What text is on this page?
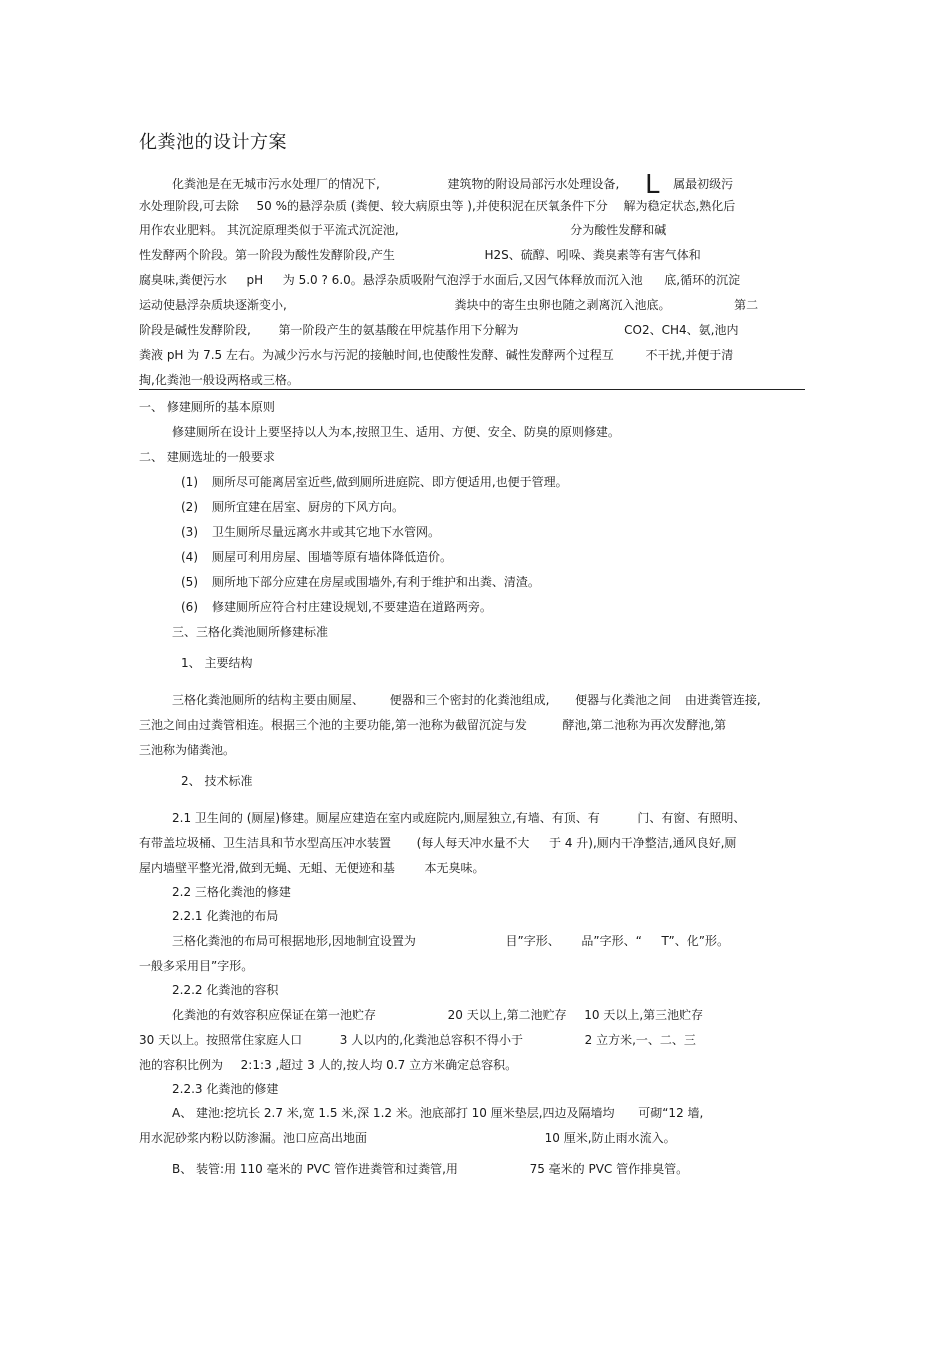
化粪池的设计方案
化粪池是在无城市污水处理厂的情况下,	建筑物的附设局部污水处理设备, L 属最初级污
水处理阶段,可去除 50 %的悬浮杂质 (粪便、较大病原虫等 ),并使积泥在厌氧条件下分 解为稳定状态,熟化后
用作农业肥料。 其沉淀原理类似于平流式沉淀池,	分为酸性发酵和碱
性发酵两个阶段。第一阶段为酸性发酵阶段,产生	H2S、硫醇、吲哚、粪臭素等有害气体和
腐臭味,粪便污水 pH 为 5.0 ? 6.0。悬浮杂质吸附气泡浮于水面后,又因气体释放而沉入池 底,循环的沉淀
运动使悬浮杂质块逐渐变小,	粪块中的寄生虫卵也随之剥离沉入池底。	第二
阶段是碱性发酵阶段, 第一阶段产生的氨基酸在甲烷基作用下分解为	CO2、CH4、氨,池内
粪液 pH 为 7.5 左右。为减少污水与污泥的接触时间,也使酸性发酵、碱性发酵两个过程互	不干扰,并便于清
掏,化粪池一般设两格或三格。
一、 修建厕所的基本原则
修建厕所在设计上要坚持以人为本,按照卫生、适用、方便、安全、防臭的原则修建。
二、 建厕选址的一般要求
(1) 厕所尽可能离居室近些,做到厕所进庭院、即方便适用,也便于管理。
(2) 厕所宜建在居室、厨房的下风方向。
(3) 卫生厕所尽量远离水井或其它地下水管网。
(4) 厕屋可利用房屋、围墙等原有墙体降低造价。
(5) 厕所地下部分应建在房屋或围墙外,有利于维护和出粪、清渣。
(6) 修建厕所应符合村庄建设规划,不要建造在道路两旁。
三、三格化粪池厕所修建标准
1、 主要结构
三格化粪池厕所的结构主要由厕屋、 便器和三个密封的化粪池组成, 便器与化粪池之间 由进粪管连接,
三池之间由过粪管相连。根据三个池的主要功能,第一池称为截留沉淀与发	酵池,第二池称为再次发酵池,第
三池称为储粪池。
2、 技术标准
2.1 卫生间的 (厕屋)修建。厕屋应建造在室内或庭院内,厕屋独立,有墙、有顶、有	门、有窗、有照明、
有带盖垃圾桶、卫生洁具和节水型高压冲水装置 (每人每天冲水量不大 于 4 升),厕内干净整洁,通风良好,厕
屋内墙壁平整光滑,做到无蝇、无蛆、无便迹和基 本无臭味。
2.2 三格化粪池的修建
2.2.1 化粪池的布局
三格化粪池的布局可根据地形,因地制宜设置为	目”字形、 品”字形、“ T”、化”形。
一般多采用目”字形。
2.2.2 化粪池的容积
化粪池的有效容积应保证在第一池贮存	20 天以上,第二池贮存 10 天以上,第三池贮存
30 天以上。按照常住家庭人口	3 人以内的,化粪池总容积不得小于	2 立方米,一、二、三
池的容积比例为 2:1:3 ,超过 3 人的,按人均 0.7 立方米确定总容积。
2.2.3 化粪池的修建
A、 建池:挖坑长 2.7 米,宽 1.5 米,深 1.2 米。池底部打 10 厘米垫层,四边及隔墙均 可砌“12 墙,
用水泥砂浆内粉以防渗漏。池口应高出地面	10 厘米,防止雨水流入。
B、 装管:用 110 毫米的 PVC 管作进粪管和过粪管,用	75 毫米的 PVC 管作排臭管。
